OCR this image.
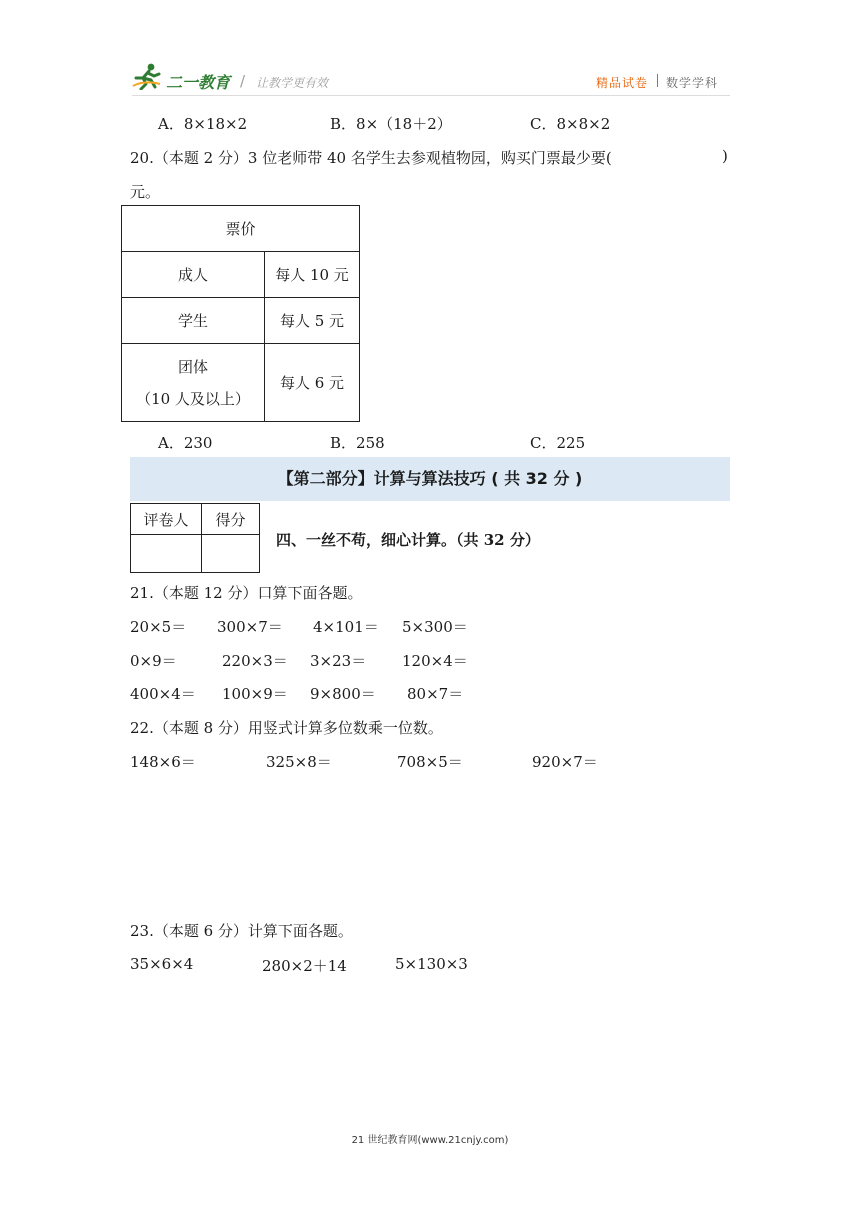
二一教育 / 让教学更有效	精品试卷 数学学科
A．8×18×2	B．8×（18＋2）	C．8×8×2
20.（本题 2 分）3 位老师带 40 名学生去参观植物园，购买门票最少要(	)
元。
票价	
成人	每人 10 元
学生	每人 5 元

团体
（10 人及以上）	每人 6 元
A．230	B．258	C．225
【第二部分】计算与算法技巧 ( 共 32 分 )
评卷人	得分

四、一丝不苟，细心计算。（共 32 分）
21.（本题 12 分）口算下面各题。
20×5＝ 300×7＝ 4×101＝ 5×300＝
0×9＝	220×3＝ 3×23＝ 120×4＝
400×4＝ 100×9＝ 9×800＝ 80×7＝
22.（本题 8 分）用竖式计算多位数乘一位数。
148×6＝	325×8＝	708×5＝	920×7＝
23.（本题 6 分）计算下面各题。
35×6×4	280×2＋14	5×130×3
21 世纪教育网(www.21cnjy.com)
